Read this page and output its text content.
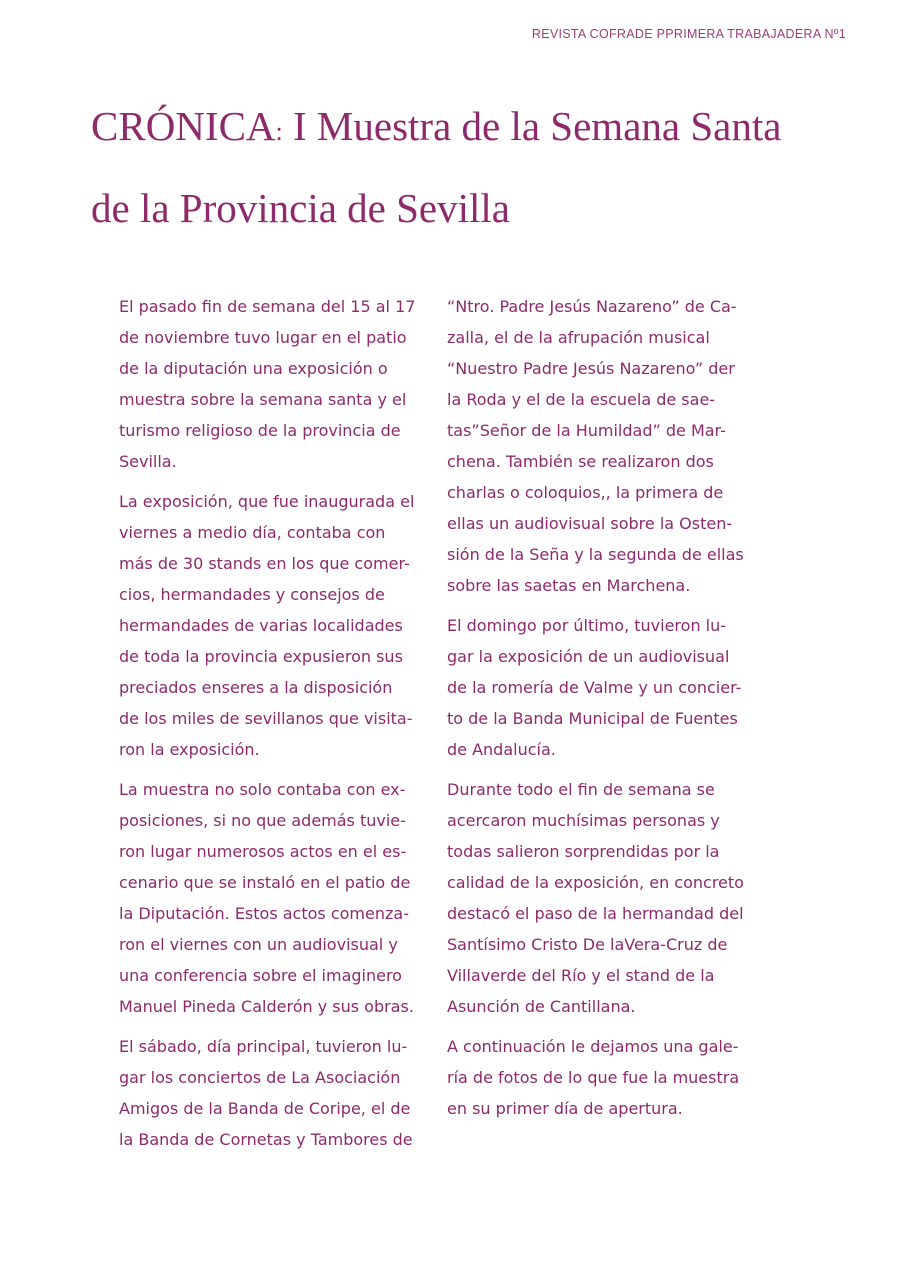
REVISTA COFRADE PPRIMERA TRABAJADERA Nº1
CRÓNICA: I Muestra de la Semana Santa
de la Provincia de Sevilla

El pasado fin de semana del 15 al 17
de noviembre tuvo lugar en el patio
de la diputación una exposición o
muestra sobre la semana santa y el
turismo religioso de la provincia de
Sevilla.

La exposición, que fue inaugurada el
viernes a medio día, contaba con
más de 30 stands en los que comer-
cios, hermandades y consejos de
hermandades de varias localidades
de toda la provincia expusieron sus
preciados enseres a la disposición
de los miles de sevillanos que visita-
ron la exposición.

La muestra no solo contaba con ex-
posiciones, si no que además tuvie-
ron lugar numerosos actos en el es-
cenario que se instaló en el patio de
la Diputación. Estos actos comenza-
ron el viernes con un audiovisual y
una conferencia sobre el imaginero
Manuel Pineda Calderón y sus obras.

El sábado, día principal, tuvieron lu-
gar los conciertos de La Asociación
Amigos de la Banda de Coripe, el de
la Banda de Cornetas y Tambores de

“Ntro. Padre Jesús Nazareno” de Ca-
zalla, el de la afrupación musical
“Nuestro Padre Jesús Nazareno” der
la Roda y el de la escuela de sae-
tas”Señor de la Humildad” de Mar-
chena. También se realizaron dos
charlas o coloquios,, la primera de
ellas un audiovisual sobre la Osten-
sión de la Seña y la segunda de ellas
sobre las saetas en Marchena.

El domingo por último, tuvieron lu-
gar la exposición de un audiovisual
de la romería de Valme y un concier-
to de la Banda Municipal de Fuentes
de Andalucía.

Durante todo el fin de semana se
acercaron muchísimas personas y
todas salieron sorprendidas por la
calidad de la exposición, en concreto
destacó el paso de la hermandad del
Santísimo Cristo De laVera-Cruz de
Villaverde del Río y el stand de la
Asunción de Cantillana.

A continuación le dejamos una gale-
ría de fotos de lo que fue la muestra
en su primer día de apertura.
